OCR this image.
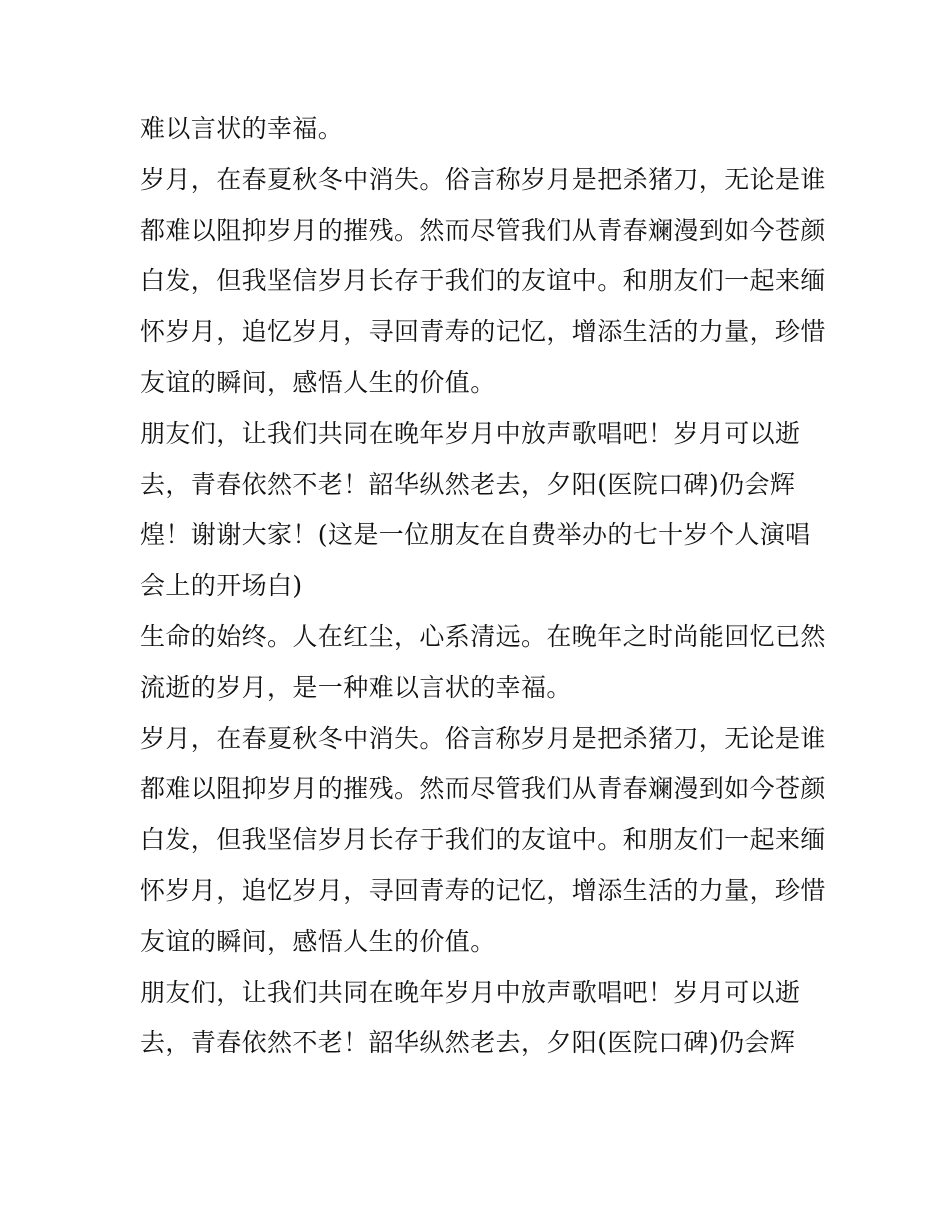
难以言状的幸福。
岁月，在春夏秋冬中消失。俗言称岁月是把杀猪刀，无论是谁
都难以阻抑岁月的摧残。然而尽管我们从青春斓漫到如今苍颜
白发，但我坚信岁月长存于我们的友谊中。和朋友们一起来缅
怀岁月，追忆岁月，寻回青寿的记忆，增添生活的力量，珍惜
友谊的瞬间，感悟人生的价值。
朋友们，让我们共同在晚年岁月中放声歌唱吧！岁月可以逝
去，青春依然不老！韶华纵然老去，夕阳(医院口碑)仍会辉
煌！谢谢大家！(这是一位朋友在自费举办的七十岁个人演唱
会上的开场白)
生命的始终。人在红尘，心系清远。在晚年之时尚能回忆已然
流逝的岁月，是一种难以言状的幸福。
岁月，在春夏秋冬中消失。俗言称岁月是把杀猪刀，无论是谁
都难以阻抑岁月的摧残。然而尽管我们从青春斓漫到如今苍颜
白发，但我坚信岁月长存于我们的友谊中。和朋友们一起来缅
怀岁月，追忆岁月，寻回青寿的记忆，增添生活的力量，珍惜
友谊的瞬间，感悟人生的价值。
朋友们，让我们共同在晚年岁月中放声歌唱吧！岁月可以逝
去，青春依然不老！韶华纵然老去，夕阳(医院口碑)仍会辉
